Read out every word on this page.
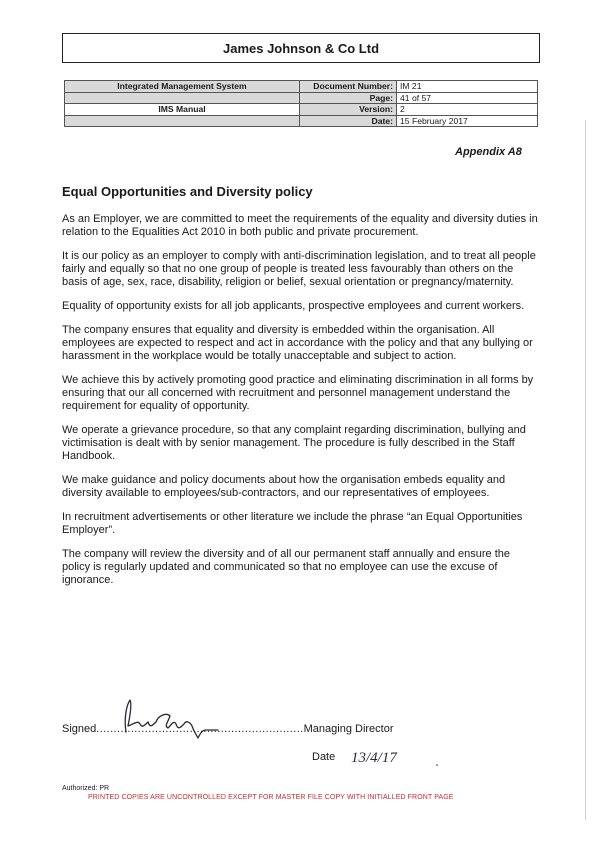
James Johnson & Co Ltd
Integrated Management System	Document Number:	IM 21
	Page:	41 of 57
IMS Manual	Version:	2
	Date:	15 February 2017
Appendix A8
Equal Opportunities and Diversity policy

As an Employer, we are committed to meet the requirements of the equality and diversity duties in relation to the Equalities Act 2010 in both public and private procurement.

It is our policy as an employer to comply with anti-discrimination legislation, and to treat all people fairly and equally so that no one group of people is treated less favourably than others on the basis of age, sex, race, disability, religion or belief, sexual orientation or pregnancy/maternity.

Equality of opportunity exists for all job applicants, prospective employees and current workers.

The company ensures that equality and diversity is embedded within the organisation. All employees are expected to respect and act in accordance with the policy and that any bullying or harassment in the workplace would be totally unacceptable and subject to action.

We achieve this by actively promoting good practice and eliminating discrimination in all forms by ensuring that our all concerned with recruitment and personnel management understand the requirement for equality of opportunity.

We operate a grievance procedure, so that any complaint regarding discrimination, bullying and victimisation is dealt with by senior management. The procedure is fully described in the Staff Handbook.

We make guidance and policy documents about how the organisation embeds equality and diversity available to employees/sub-contractors, and our representatives of employees.

In recruitment advertisements or other literature we include the phrase “an Equal Opportunities Employer”.

The company will review the diversity and of all our permanent staff annually and ensure the policy is regularly updated and communicated so that no employee can use the excuse of ignorance.

Signed............................................................Managing Director
Date 13/4/17
Authorized: PR
PRINTED COPIES ARE UNCONTROLLED EXCEPT FOR MASTER FILE COPY WITH INITIALLED FRONT PAGE
